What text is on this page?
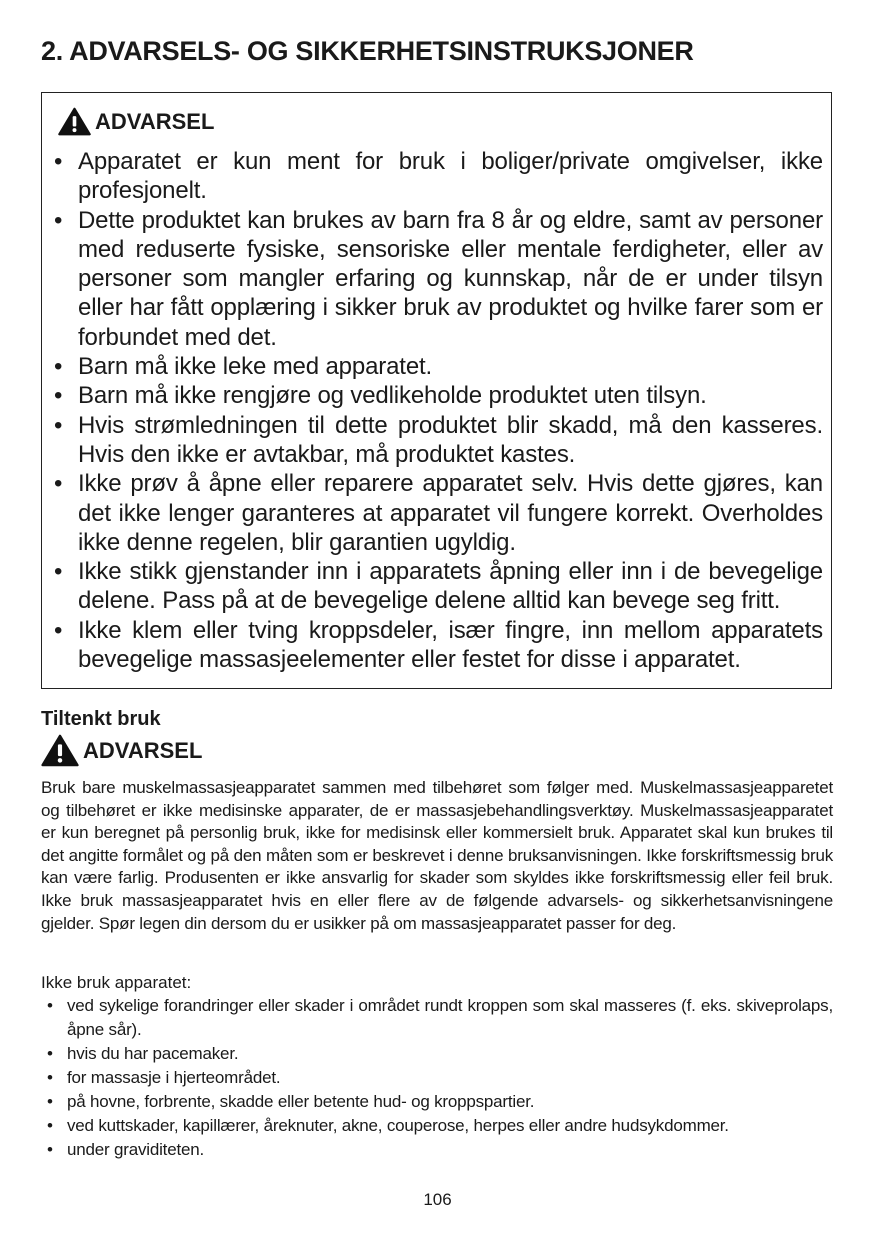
2. ADVARSELS- OG SIKKERHETSINSTRUKSJONER
ADVARSEL
• Apparatet er kun ment for bruk i boliger/private omgivelser, ikke profesjonelt.
• Dette produktet kan brukes av barn fra 8 år og eldre, samt av personer med reduserte fysiske, sensoriske eller mentale ferdigheter, eller av personer som mangler erfaring og kunnskap, når de er under tilsyn eller har fått opplæring i sikker bruk av produktet og hvilke farer som er forbundet med det.
• Barn må ikke leke med apparatet.
• Barn må ikke rengjøre og vedlikeholde produktet uten tilsyn.
• Hvis strømledningen til dette produktet blir skadd, må den kasseres. Hvis den ikke er avtakbar, må produktet kastes.
• Ikke prøv å åpne eller reparere apparatet selv. Hvis dette gjøres, kan det ikke lenger garanteres at apparatet vil fungere korrekt. Overholdes ikke denne regelen, blir garantien ugyldig.
• Ikke stikk gjenstander inn i apparatets åpning eller inn i de bevegelige delene. Pass på at de bevegelige delene alltid kan bevege seg fritt.
• Ikke klem eller tving kroppsdeler, især fingre, inn mellom apparatets bevegelige massasjeelementer eller festet for disse i apparatet.
Tiltenkt bruk
ADVARSEL

Bruk bare muskelmassasjeapparatet sammen med tilbehøret som følger med. Muskelmassasjeapparetet og tilbehøret er ikke medisinske apparater, de er massasjebehandlingsverktøy. Muskelmassasjeapparatet er kun beregnet på personlig bruk, ikke for medisinsk eller kommersielt bruk. Apparatet skal kun brukes til det angitte formålet og på den måten som er beskrevet i denne bruksanvisningen. Ikke forskriftsmessig bruk kan være farlig. Produsenten er ikke ansvarlig for skader som skyldes ikke forskriftsmessig eller feil bruk. Ikke bruk massasjeapparatet hvis en eller flere av de følgende advarsels- og sikkerhetsanvisningene gjelder. Spør legen din dersom du er usikker på om massasjeapparatet passer for deg.

Ikke bruk apparatet:
• ved sykelige forandringer eller skader i området rundt kroppen som skal masseres (f. eks. skiveprolaps, åpne sår).
• hvis du har pacemaker.
• for massasje i hjerteområdet.
• på hovne, forbrente, skadde eller betente hud- og kroppspartier.
• ved kuttskader, kapillærer, åreknuter, akne, couperose, herpes eller andre hudsykdommer.
• under graviditeten.
106
